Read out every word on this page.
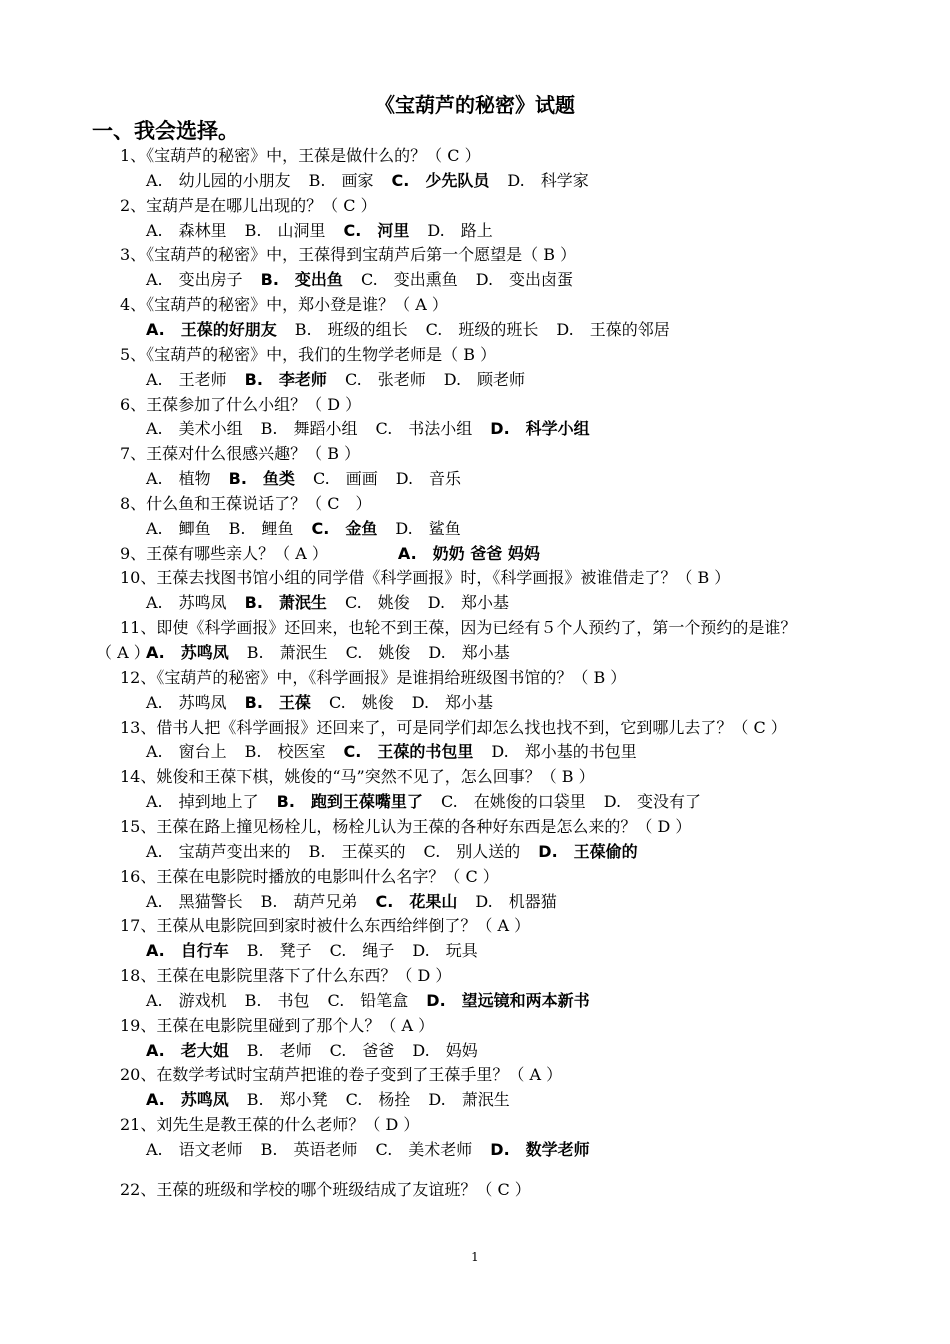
《宝葫芦的秘密》试题
一、我会选择。
1、《宝葫芦的秘密》中，王葆是做什么的？（ C ）
A.　幼儿园的小朋友 B.　画家 C.　少先队员 D.　科学家
2、宝葫芦是在哪儿出现的？（ C ）
A.　森林里 B.　山洞里 C.　河里 D.　路上
3、《宝葫芦的秘密》中，王葆得到宝葫芦后第一个愿望是（ B ）
A.　变出房子 B.　变出鱼 C.　变出熏鱼 D.　变出卤蛋
4、《宝葫芦的秘密》中，郑小登是谁？（ A ）
A.　王葆的好朋友 B.　班级的组长 C.　班级的班长 D.　王葆的邻居
5、《宝葫芦的秘密》中，我们的生物学老师是（ B ）
A.　王老师 B.　李老师 C.　张老师 D.　顾老师
6、王葆参加了什么小组？（ D ）
A.　美术小组 B.　舞蹈小组 C.　书法小组 D.　科学小组
7、王葆对什么很感兴趣？（ B ）
A.　植物 B.　鱼类 C.　画画 D.　音乐
8、什么鱼和王葆说话了？（ C　）
A.　鲫鱼 B.　鲤鱼 C.　金鱼 D.　鲨鱼
9、王葆有哪些亲人？（ A ）	A.　奶奶 爸爸 妈妈
10、王葆去找图书馆小组的同学借《科学画报》时，《科学画报》被谁借走了？（ B ）
A.　苏鸣凤 B.　萧泯生 C.　姚俊 D.　郑小基
11、即使《科学画报》还回来，也轮不到王葆，因为已经有５个人预约了，第一个预约的是谁？
（ A ）
A.　苏鸣凤 B.　萧泯生 C.　姚俊 D.　郑小基
12、《宝葫芦的秘密》中，《科学画报》是谁捐给班级图书馆的？（ B ）
A.　苏鸣凤 B.　王葆 C.　姚俊 D.　郑小基
13、借书人把《科学画报》还回来了，可是同学们却怎么找也找不到，它到哪儿去了？（ C ）
A.　窗台上 B.　校医室 C.　王葆的书包里 D.　郑小基的书包里
14、姚俊和王葆下棋，姚俊的“马”突然不见了，怎么回事？（ B ）
A.　掉到地上了 B.　跑到王葆嘴里了 C.　在姚俊的口袋里 D.　变没有了
15、王葆在路上撞见杨栓儿，杨栓儿认为王葆的各种好东西是怎么来的？（ D ）
A.　宝葫芦变出来的 B.　王葆买的 C.　别人送的 D.　王葆偷的
16、王葆在电影院时播放的电影叫什么名字？（ C ）
A.　黑猫警长 B.　葫芦兄弟 C.　花果山 D.　机器猫
17、王葆从电影院回到家时被什么东西给绊倒了？（ A ）
A.　自行车 B.　凳子 C.　绳子 D.　玩具
18、王葆在电影院里落下了什么东西？（ D ）
A.　游戏机 B.　书包 C.　铅笔盒 D.　望远镜和两本新书
19、王葆在电影院里碰到了那个人？（ A ）
A.　老大姐 B.　老师 C.　爸爸 D.　妈妈
20、在数学考试时宝葫芦把谁的卷子变到了王葆手里？（ A ）
A.　苏鸣凤 B.　郑小凳 C.　杨拴 D.　萧泯生
21、刘先生是教王葆的什么老师？（ D ）
A.　语文老师 B.　英语老师 C.　美术老师 D.　数学老师
22、王葆的班级和学校的哪个班级结成了友谊班？（ C ）
1
